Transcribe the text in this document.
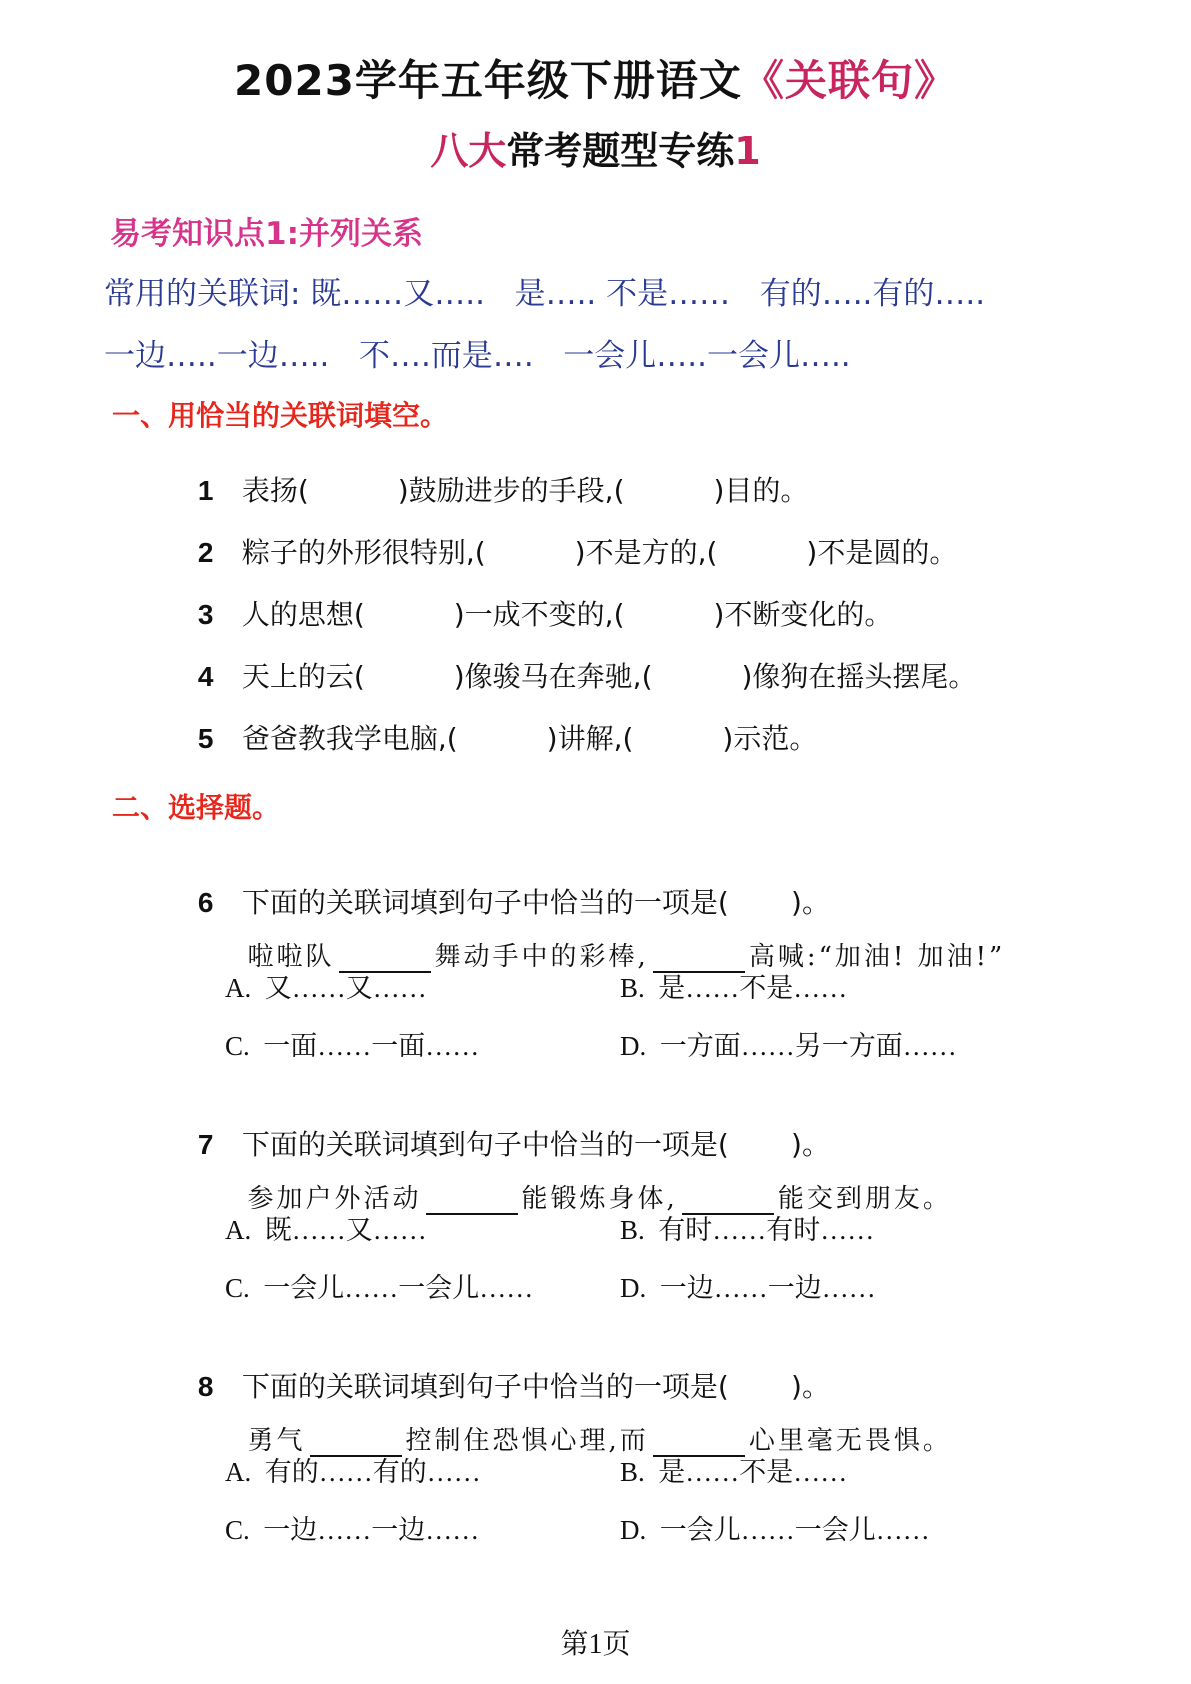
2023学年五年级下册语文《关联句》
八大常考题型专练1
易考知识点1:并列关系
常用的关联词: 既……又…..   是….. 不是……   有的…..有的…..
一边…..一边…..   不….而是….   一会儿…..一会儿…..
一、用恰当的关联词填空。

1 表扬(          )鼓励进步的手段,(          )目的。

2 粽子的外形很特别,(          )不是方的,(          )不是圆的。

3 人的思想(          )一成不变的,(          )不断变化的。

4 天上的云(          )像骏马在奔驰,(          )像狗在摇头摆尾。

5 爸爸教我学电脑,(          )讲解,(          )示范。

二、选择题。

6 下面的关联词填到句子中恰当的一项是(       )。

啦啦队	舞动手中的彩棒,	高喊:“加油! 加油!”

A.  又……又……	B.  是……不是……
C.  一面……一面……	D.  一方面……另一方面……

7 下面的关联词填到句子中恰当的一项是(       )。

参加户外活动	能锻炼身体,	能交到朋友。

A.  既……又……	B.  有时……有时……
C.  一会儿……一会儿……	D.  一边……一边……

8 下面的关联词填到句子中恰当的一项是(       )。

勇气	控制住恐惧心理,而	心里毫无畏惧。

A.  有的……有的……	B.  是……不是……
C.  一边……一边……	D.  一会儿……一会儿……
第1页
